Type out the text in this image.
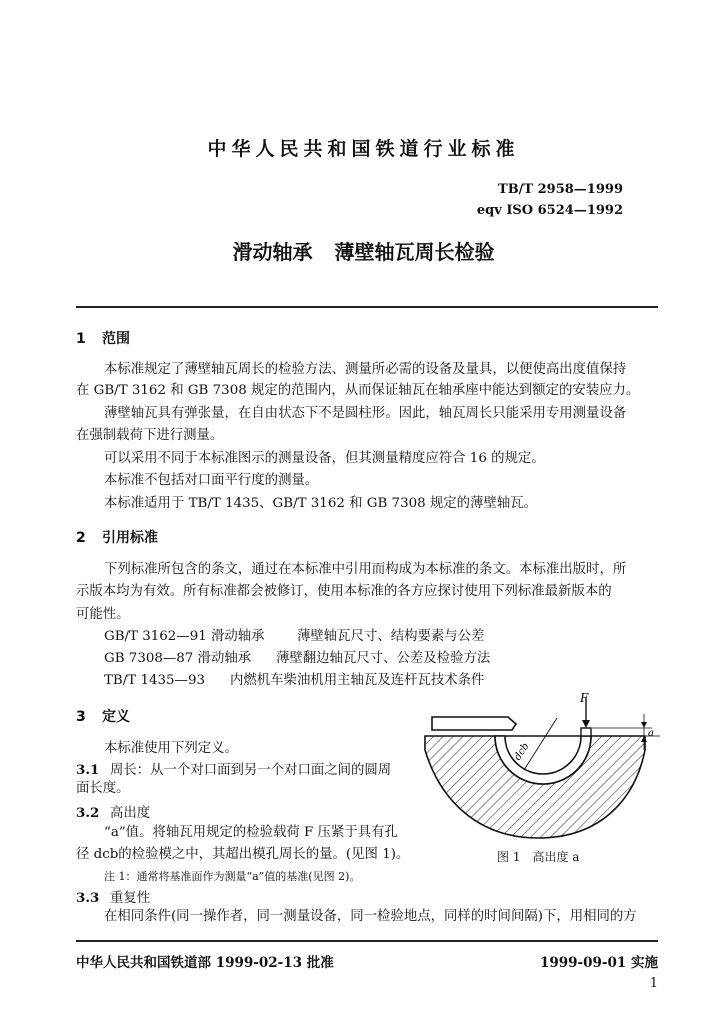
中华人民共和国铁道行业标准
TB/T 2958—1999
eqv ISO 6524—1992
滑动轴承 薄壁轴瓦周长检验
1 范围
本标准规定了薄壁轴瓦周长的检验方法、测量所必需的设备及量具，以便使高出度值保持
在 GB/T 3162 和 GB 7308 规定的范围内，从而保证轴瓦在轴承座中能达到额定的安装应力。
薄壁轴瓦具有弹张量，在自由状态下不是圆柱形。因此，轴瓦周长只能采用专用测量设备
在强制载荷下进行测量。
可以采用不同于本标准图示的测量设备，但其测量精度应符合 16 的规定。
本标准不包括对口面平行度的测量。
本标准适用于 TB/T 1435、GB/T 3162 和 GB 7308 规定的薄壁轴瓦。
2 引用标准
下列标准所包含的条文，通过在本标准中引用而构成为本标准的条文。本标准出版时，所
示版本均为有效。所有标准都会被修订，使用本标准的各方应探讨使用下列标准最新版本的
可能性。
GB/T 3162—91 滑动轴承 薄壁轴瓦尺寸、结构要素与公差
GB 7308—87 滑动轴承 薄壁翻边轴瓦尺寸、公差及检验方法
TB/T 1435—93 内燃机车柴油机用主轴瓦及连杆瓦技术条件
3 定义
本标准使用下列定义。
3.1 周长：从一个对口面到另一个对口面之间的圆周
面长度。
3.2 高出度
“a”值。将轴瓦用规定的检验载荷 F 压紧于具有孔
径 dcb的检验模之中，其超出模孔周长的量。(见图 1)。
注 1：通常将基准面作为测量“a”值的基准(见图 2)。
3.3 重复性
在相同条件(同一操作者，同一测量设备，同一检验地点，同样的时间间隔)下，用相同的方
F
a
dcb
图 1　高出度 a
中华人民共和国铁道部 1999-02-13 批准	1999-09-01 实施
1
